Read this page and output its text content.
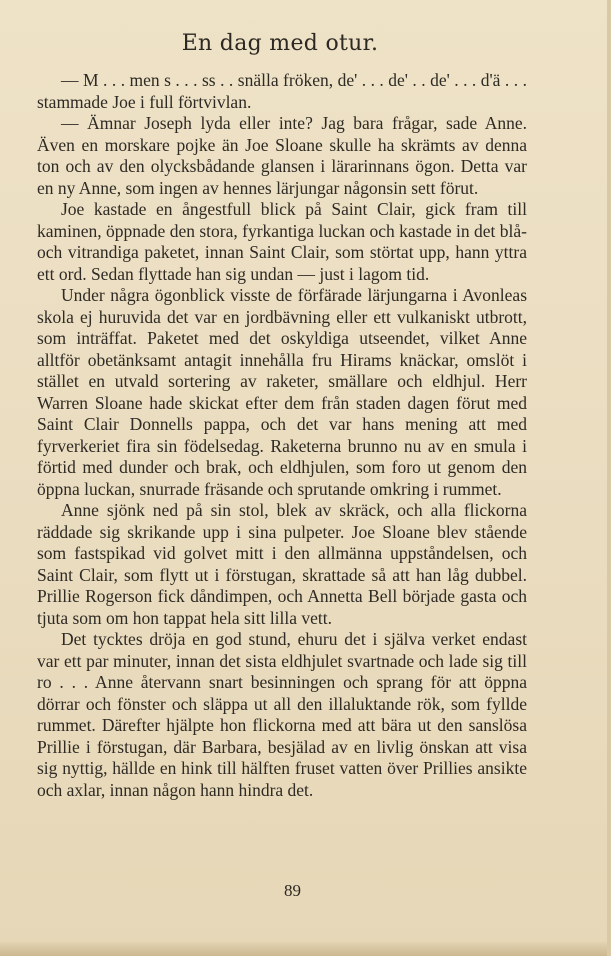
En dag med otur.

— M . . . men s . . . ss . . snälla fröken, de' . . . de' . . de' . . . d'ä . . . stammade Joe i full förtvivlan.

— Ämnar Joseph lyda eller inte? Jag bara frågar, sade Anne. Även en morskare pojke än Joe Sloane skulle ha skrämts av denna ton och av den olycksbådande glansen i lärarinnans ögon. Detta var en ny Anne, som ingen av hennes lärjungar någonsin sett förut.

Joe kastade en ångestfull blick på Saint Clair, gick fram till kaminen, öppnade den stora, fyrkantiga luckan och kastade in det blå- och vitrandiga paketet, innan Saint Clair, som störtat upp, hann yttra ett ord. Sedan flyttade han sig undan — just i lagom tid.

Under några ögonblick visste de förfärade lärjungarna i Avonleas skola ej huruvida det var en jordbävning eller ett vulkaniskt utbrott, som inträffat. Paketet med det oskyldiga utseendet, vilket Anne alltför obetänksamt antagit innehålla fru Hirams knäckar, omslöt i stället en utvald sortering av raketer, smällare och eldhjul. Herr Warren Sloane hade skickat efter dem från staden dagen förut med Saint Clair Donnells pappa, och det var hans mening att med fyrverkeriet fira sin födelsedag. Raketerna brunno nu av en smula i förtid med dunder och brak, och eldhjulen, som foro ut genom den öppna luckan, snurrade fräsande och sprutande omkring i rummet.

Anne sjönk ned på sin stol, blek av skräck, och alla flickorna räddade sig skrikande upp i sina pulpeter. Joe Sloane blev stående som fastspikad vid golvet mitt i den allmänna uppståndelsen, och Saint Clair, som flytt ut i förstugan, skrattade så att han låg dubbel. Prillie Rogerson fick dåndimpen, och Annetta Bell började gasta och tjuta som om hon tappat hela sitt lilla vett.

Det tycktes dröja en god stund, ehuru det i själva verket endast var ett par minuter, innan det sista eldhjulet svartnade och lade sig till ro . . . Anne återvann snart besinningen och sprang för att öppna dörrar och fönster och släppa ut all den illaluktande rök, som fyllde rummet. Därefter hjälpte hon flickorna med att bära ut den sanslösa Prillie i förstugan, där Barbara, besjälad av en livlig önskan att visa sig nyttig, hällde en hink till hälften fruset vatten över Prillies ansikte och axlar, innan någon hann hindra det.

89
